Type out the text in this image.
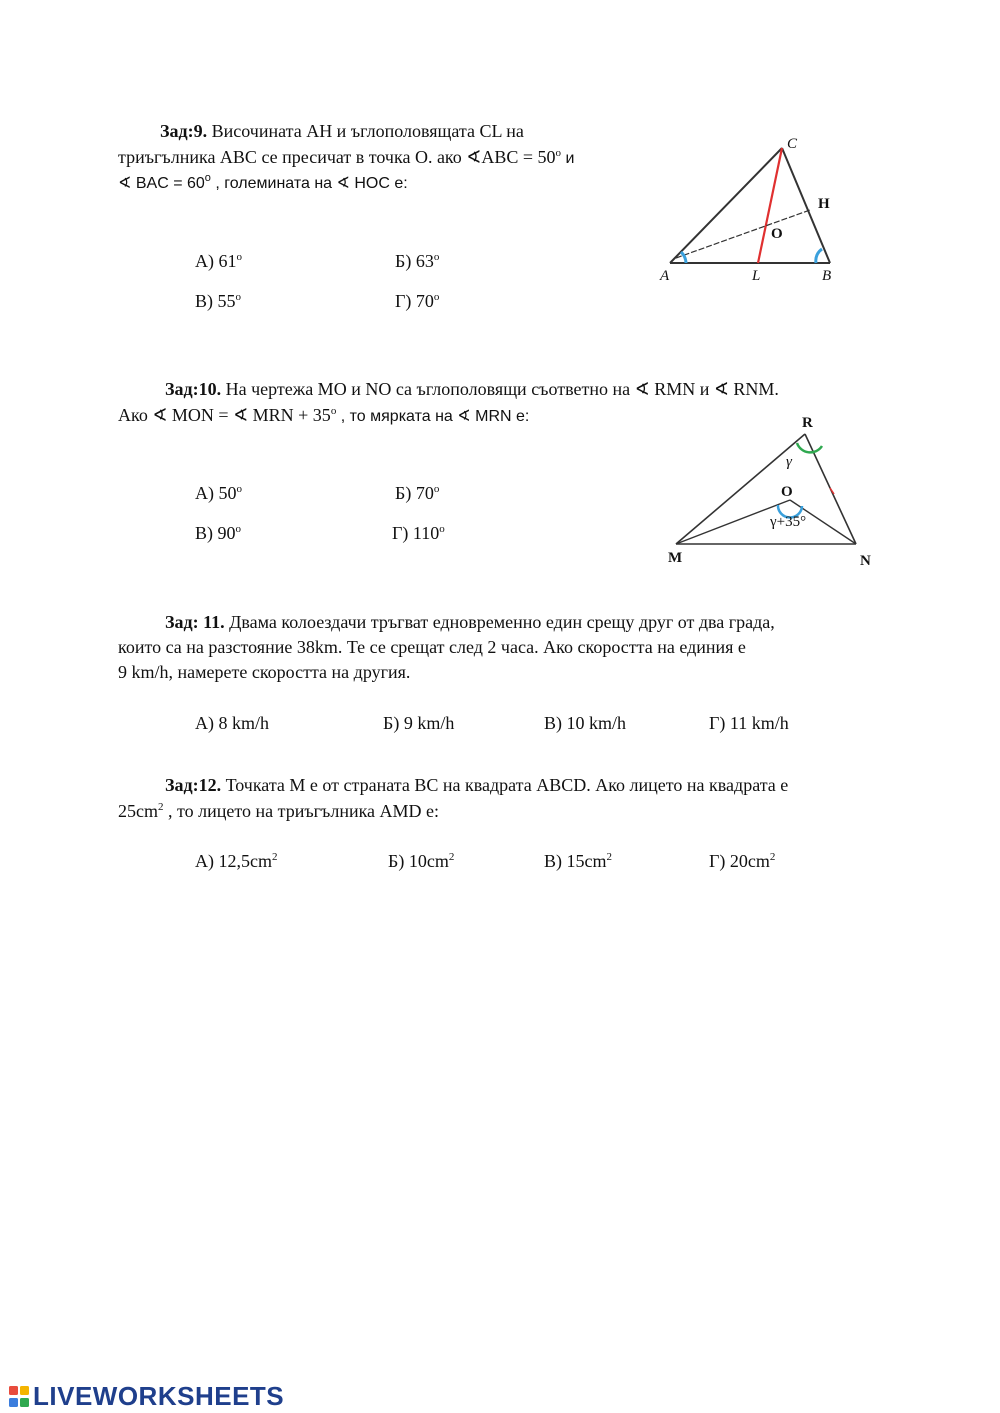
Зад:9. Височината AH и ъглополовящата CL на
триъгълника ABC се пресичат в точка О. ако ∢ABC = $50^o$ и
∢ BAC = $60^o$ , големината на ∢ HOC е:
А) 61$^o$	Б) 63$^o$
В) 55$^o$	Г) 70$^o$
C
H
O
A	L	B
Зад:10. На чертежа MO и NO са ъглополовящи съответно на ∢ RMN и ∢ RNM.
Ако ∢ MON = ∢ MRN + $35^o$ , то мярката на ∢ MRN е:
А) 50$^o$	Б) 70$^o$
В) 90$^o$	Г) 110$^o$
R
γ
O
γ+35°
M	N
Зад: 11. Двама колоездачи тръгват едновременно един срещу друг от два града,
които са на разстояние 38km. Те се срещат след 2 часа. Ако скоростта на единия е
9 km/h, намерете скоростта на другия.
А) 8 km/h	Б) 9 km/h	В) 10 km/h	Г) 11 km/h
Зад:12. Точката M е от страната BC на квадрата ABCD. Ако лицето на квадрата е
$25cm^2$ , то лицето на триъгълника AMD е:
А) $12,5cm^2$	Б) $10cm^2$	В) $15cm^2$	Г) $20cm^2$
LIVEWORKSHEETS
